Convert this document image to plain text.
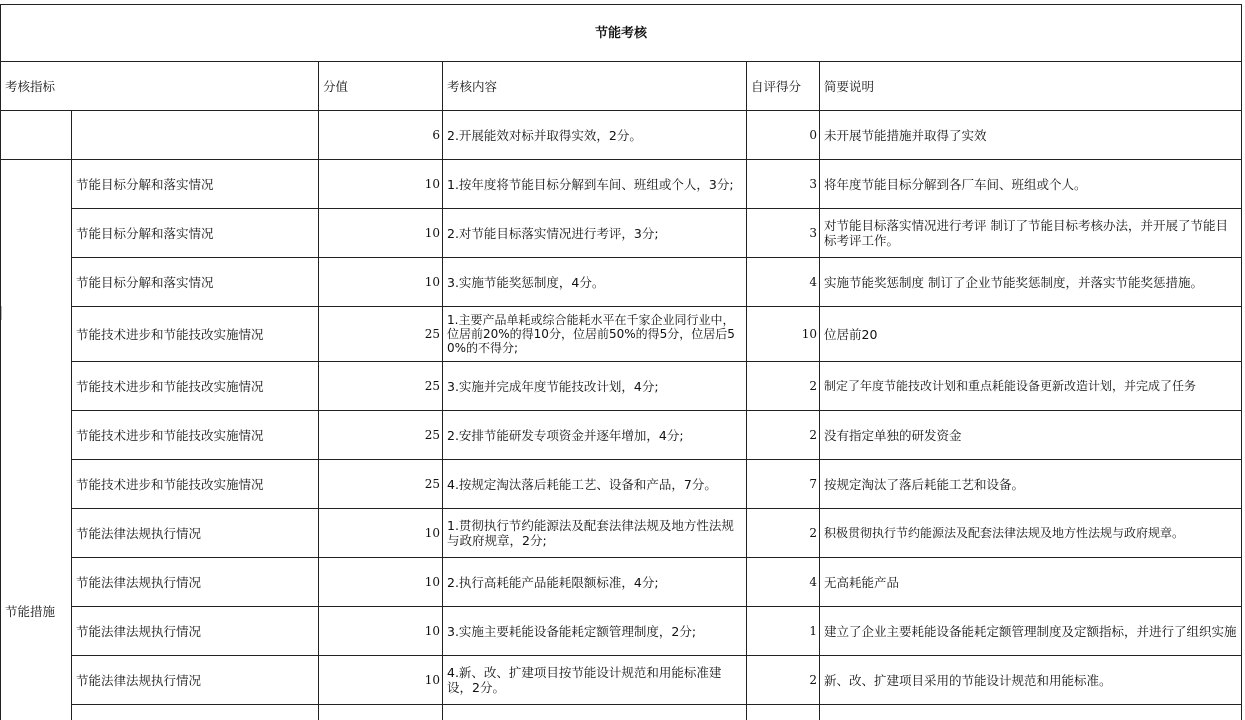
节能考核					
考核指标		分值	考核内容	自评得分	简要说明
		6	2.开展能效对标并取得实效，2分。	0	未开展节能措施并取得了实效
节能措施	节能目标分解和落实情况	10	1.按年度将节能目标分解到车间、班组或个人，3分;	3	将年度节能目标分解到各厂车间、班组或个人。
	节能目标分解和落实情况	10	2.对节能目标落实情况进行考评，3分;	3	对节能目标落实情况进行考评 制订了节能目标考核办法，并开展了节能目标考评工作。
	节能目标分解和落实情况	10	3.实施节能奖惩制度，4分。	4	实施节能奖惩制度 制订了企业节能奖惩制度，并落实节能奖惩措施。
	节能技术进步和节能技改实施情况	25	1.主要产品单耗或综合能耗水平在千家企业同行业中，位居前20%的得10分，位居前50%的得5分，位居后50%的不得分;	10	位居前20
	节能技术进步和节能技改实施情况	25	3.实施并完成年度节能技改计划，4分;	2	制定了年度节能技改计划和重点耗能设备更新改造计划，并完成了任务
	节能技术进步和节能技改实施情况	25	2.安排节能研发专项资金并逐年增加，4分;	2	没有指定单独的研发资金
	节能技术进步和节能技改实施情况	25	4.按规定淘汰落后耗能工艺、设备和产品，7分。	7	按规定淘汰了落后耗能工艺和设备。
	节能法律法规执行情况	10	1.贯彻执行节约能源法及配套法律法规及地方性法规与政府规章，2分;	2	积极贯彻执行节约能源法及配套法律法规及地方性法规与政府规章。
	节能法律法规执行情况	10	2.执行高耗能产品能耗限额标准，4分;	4	无高耗能产品
	节能法律法规执行情况	10	3.实施主要耗能设备能耗定额管理制度，2分;	1	建立了企业主要耗能设备能耗定额管理制度及定额指标，并进行了组织实施
	节能法律法规执行情况	10	4.新、改、扩建项目按节能设计规范和用能标准建设，2分。	2	新、改、扩建项目采用的节能设计规范和用能标准。
